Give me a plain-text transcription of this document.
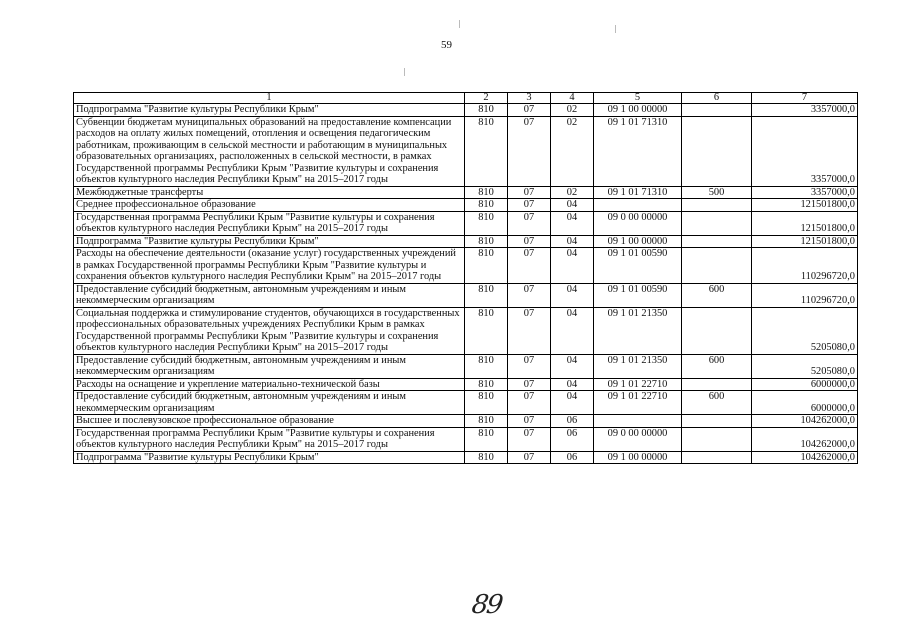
59
1	2	3	4	5	6	7
Подпрограмма "Развитие культуры Республики Крым"	810	07	02	09 1 00 00000		3357000,0
Субвенции бюджетам муниципальных образований на предоставление компенсации расходов на оплату жилых помещений, отопления и освещения педагогическим работникам, проживающим в сельской местности и работающим в муниципальных образовательных организациях, расположенных в сельской местности, в рамках Государственной программы Республики Крым "Развитие культуры и сохранения объектов культурного наследия Республики Крым" на 2015–2017 годы	810	07	02	09 1 01 71310		3357000,0
Межбюджетные трансферты	810	07	02	09 1 01 71310	500	3357000,0
Среднее профессиональное образование	810	07	04			121501800,0
Государственная программа Республики Крым "Развитие культуры и сохранения объектов культурного наследия Республики Крым" на 2015–2017 годы	810	07	04	09 0 00 00000		121501800,0
Подпрограмма "Развитие культуры Республики Крым"	810	07	04	09 1 00 00000		121501800,0
Расходы на обеспечение деятельности (оказание услуг) государственных учреждений в рамках Государственной программы Республики Крым "Развитие культуры и сохранения объектов культурного наследия Республики Крым" на 2015–2017 годы	810	07	04	09 1 01 00590		110296720,0
Предоставление субсидий бюджетным, автономным учреждениям и иным некоммерческим организациям	810	07	04	09 1 01 00590	600	110296720,0
Социальная поддержка и стимулирование студентов, обучающихся в государственных профессиональных образовательных учреждениях Республики Крым в рамках Государственной программы Республики Крым "Развитие культуры и сохранения объектов культурного наследия Республики Крым" на 2015–2017 годы	810	07	04	09 1 01 21350		5205080,0
Предоставление субсидий бюджетным, автономным учреждениям и иным некоммерческим организациям	810	07	04	09 1 01 21350	600	5205080,0
Расходы на оснащение и укрепление материально-технической базы	810	07	04	09 1 01 22710		6000000,0
Предоставление субсидий бюджетным, автономным учреждениям и иным некоммерческим организациям	810	07	04	09 1 01 22710	600	6000000,0
Высшее и послевузовское профессиональное образование	810	07	06			104262000,0
Государственная программа Республики Крым "Развитие культуры и сохранения объектов культурного наследия Республики Крым" на 2015–2017 годы	810	07	06	09 0 00 00000		104262000,0
Подпрограмма "Развитие культуры Республики Крым"	810	07	06	09 1 00 00000		104262000,0
89
